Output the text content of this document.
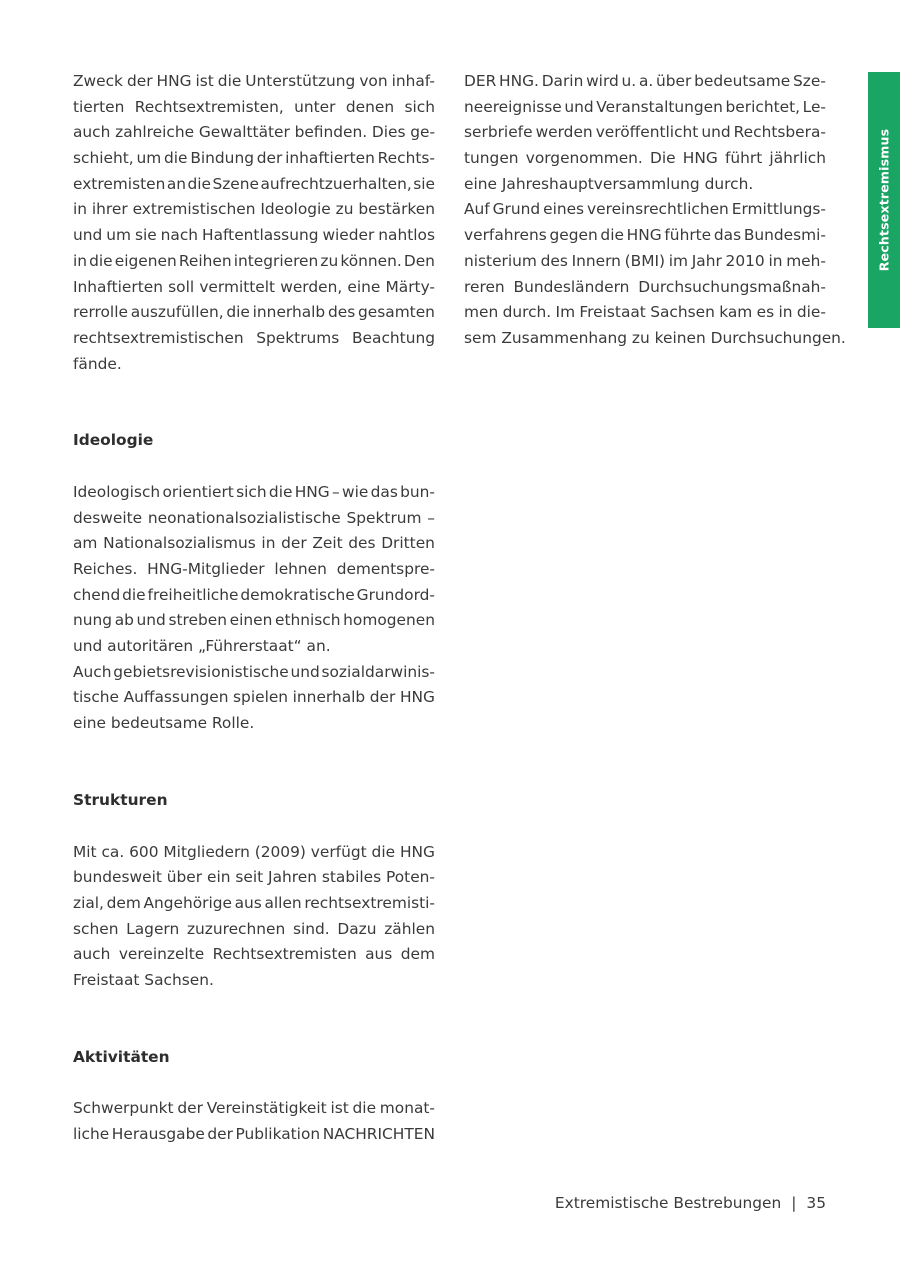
Rechtsextremismus
Zweck der HNG ist die Unterstützung von inhaf-
tierten Rechtsextremisten, unter denen sich
auch zahlreiche Gewalttäter befinden. Dies ge-
schieht, um die Bindung der inhaftierten Rechts-
extremisten an die Szene aufrechtzuerhalten, sie
in ihrer extremistischen Ideologie zu bestärken
und um sie nach Haftentlassung wieder nahtlos
in die eigenen Reihen integrieren zu können. Den
Inhaftierten soll vermittelt werden, eine Märty-
rerrolle auszufüllen, die innerhalb des gesamten
rechtsextremistischen Spektrums Beachtung
fände.
Ideologie
Ideologisch orientiert sich die HNG – wie das bun-
desweite neonationalsozialistische Spektrum –
am Nationalsozialismus in der Zeit des Dritten
Reiches. HNG-Mitglieder lehnen dementspre-
chend die freiheitliche demokratische Grundord-
nung ab und streben einen ethnisch homogenen
und autoritären „Führerstaat“ an.
Auch gebietsrevisionistische und sozialdarwinis-
tische Auffassungen spielen innerhalb der HNG
eine bedeutsame Rolle.
Strukturen
Mit ca. 600 Mitgliedern (2009) verfügt die HNG
bundesweit über ein seit Jahren stabiles Poten-
zial, dem Angehörige aus allen rechtsextremisti-
schen Lagern zuzurechnen sind. Dazu zählen
auch vereinzelte Rechtsextremisten aus dem
Freistaat Sachsen.
Aktivitäten
Schwerpunkt der Vereinstätigkeit ist die monat-
liche Herausgabe der Publikation NACHRICHTEN
DER HNG. Darin wird u. a. über bedeutsame Sze-
neereignisse und Veranstaltungen berichtet, Le-
serbriefe werden veröffentlicht und Rechtsbera-
tungen vorgenommen. Die HNG führt jährlich
eine Jahreshauptversammlung durch.
Auf Grund eines vereinsrechtlichen Ermittlungs-
verfahrens gegen die HNG führte das Bundesmi-
nisterium des Innern (BMI) im Jahr 2010 in meh-
reren Bundesländern Durchsuchungsmaßnah-
men durch. Im Freistaat Sachsen kam es in die-
sem Zusammenhang zu keinen Durchsuchungen.
Extremistische Bestrebungen | 35
